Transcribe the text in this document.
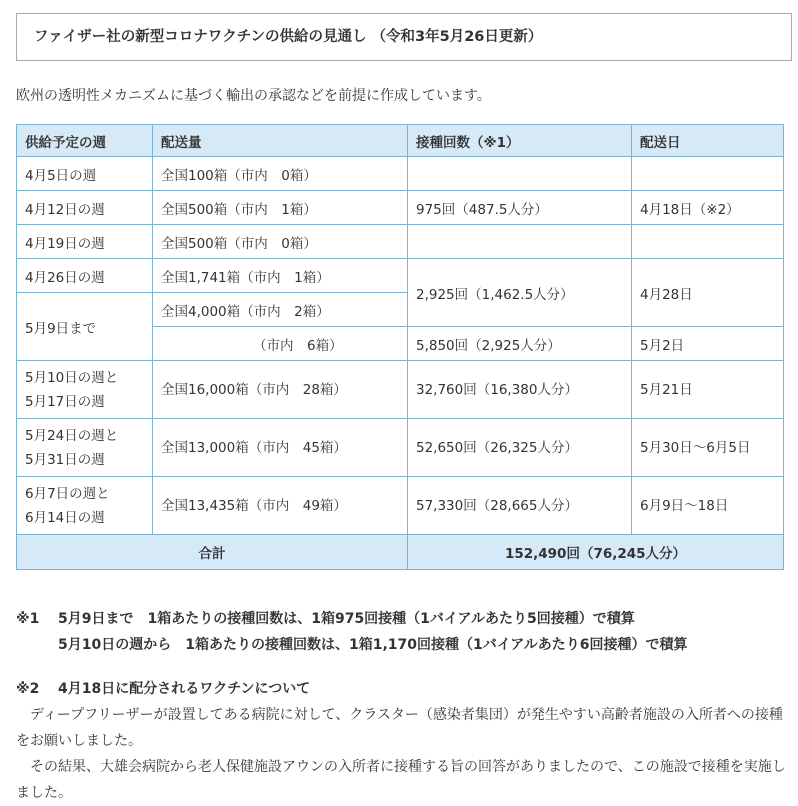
ファイザー社の新型コロナワクチンの供給の見通し （令和3年5月26日更新）
欧州の透明性メカニズムに基づく輸出の承認などを前提に作成しています。
供給予定の週	配送量	接種回数（※1）	配送日
4月5日の週	全国100箱（市内　0箱）		
4月12日の週	全国500箱（市内　1箱）	975回（487.5人分）	4月18日（※2）
4月19日の週	全国500箱（市内　0箱）		
4月26日の週	全国1,741箱（市内　1箱）	2,925回（1,462.5人分）	4月28日
5月9日まで	全国4,000箱（市内　2箱）		
	（市内　6箱）	5,850回（2,925人分）	5月2日
5月10日の週と
5月17日の週	全国16,000箱（市内　28箱）	32,760回（16,380人分）	5月21日
5月24日の週と
5月31日の週	全国13,000箱（市内　45箱）	52,650回（26,325人分）	5月30日～6月5日
6月7日の週と
6月14日の週	全国13,435箱（市内　49箱）	57,330回（28,665人分）	6月9日～18日
合計		152,490回（76,245人分）	
※1 5月9日まで　1箱あたりの接種回数は、1箱975回接種（1バイアルあたり5回接種）で積算
5月10日の週から　1箱あたりの接種回数は、1箱1,170回接種（1バイアルあたり6回接種）で積算
※2 4月18日に配分されるワクチンについて
ディープフリーザーが設置してある病院に対して、クラスター（感染者集団）が発生やすい高齢者施設の入所者への接種をお願いしました。
その結果、大雄会病院から老人保健施設アウンの入所者に接種する旨の回答がありましたので、この施設で接種を実施しました。
